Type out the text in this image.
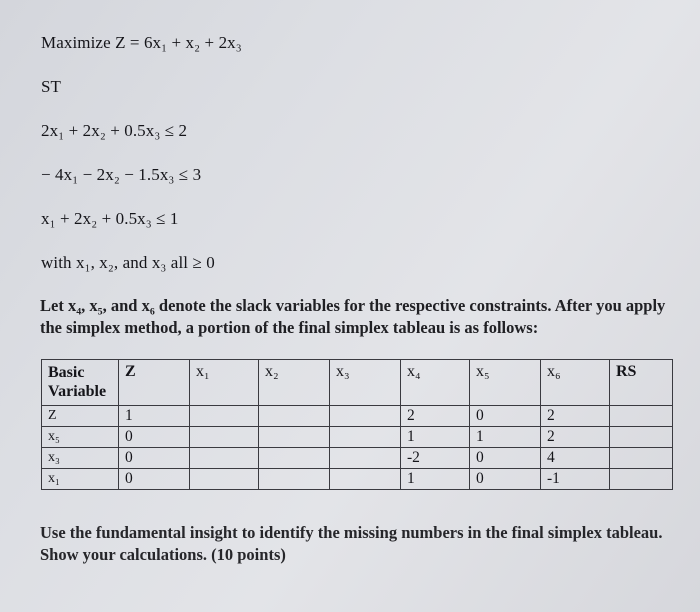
Maximize Z = 6x₁ + x₂ + 2x₃
ST
2x₁ + 2x₂ + 0.5x₃ ≤ 2
− 4x₁ − 2x₂ − 1.5x₃ ≤ 3
x₁ + 2x₂ + 0.5x₃ ≤ 1
with x₁, x₂, and x₃ all ≥ 0
Let x₄, x₅, and x₆ denote the slack variables for the respective constraints. After you apply the simplex method, a portion of the final simplex tableau is as follows:
Basic Variable	Z	x₁	x₂	x₃	x₄	x₅	x₆	RS
Z	1				2	0	2	
x₅	0				1	1	2	
x₃	0				-2	0	4	
x₁	0				1	0	-1	
Use the fundamental insight to identify the missing numbers in the final simplex tableau. Show your calculations. (10 points)
